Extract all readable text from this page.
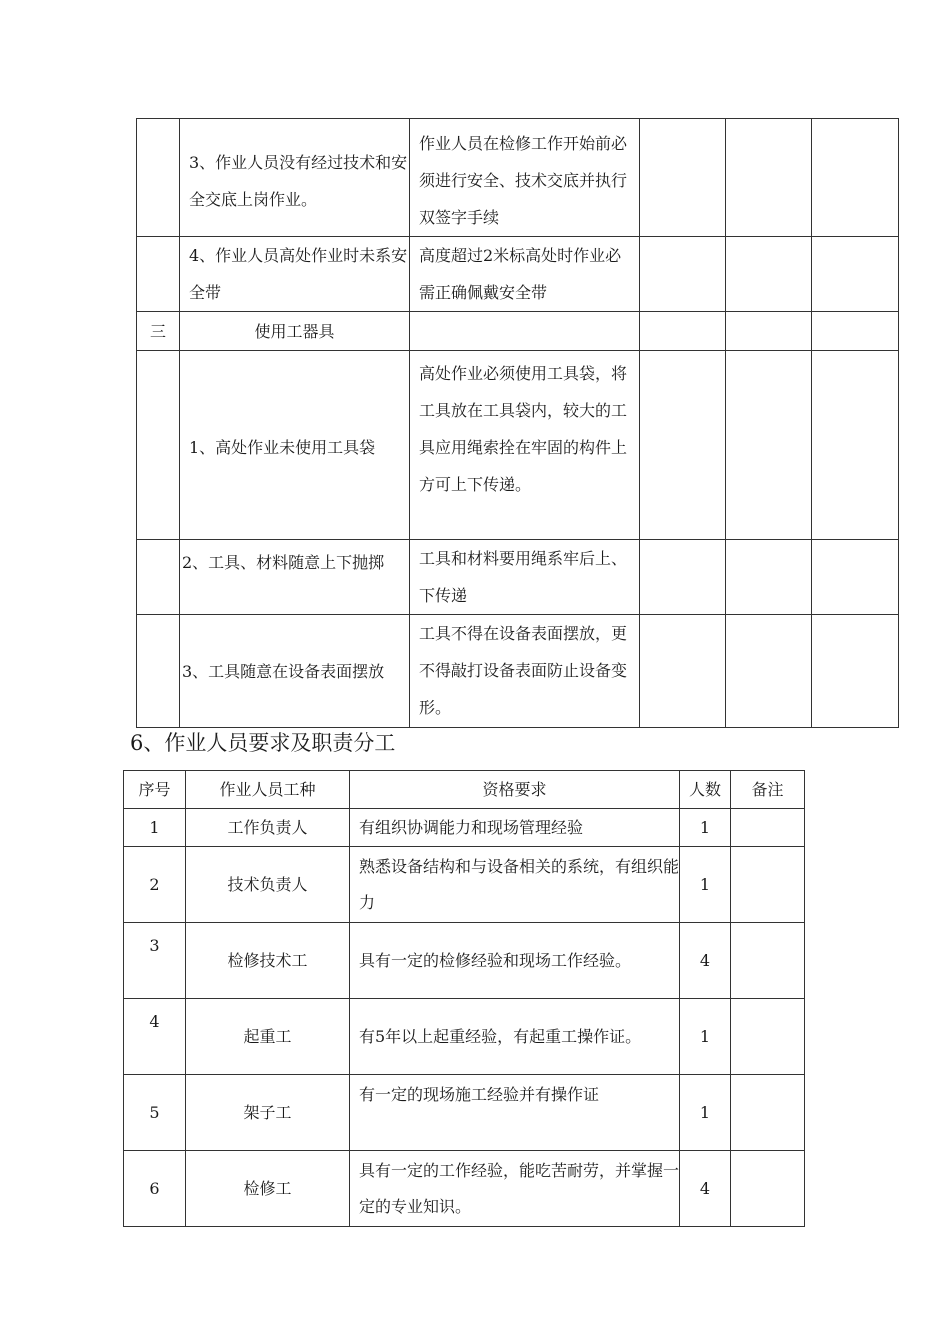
	3、作业人员没有经过技术和安全交底上岗作业。	作业人员在检修工作开始前必须进行安全、技术交底并执行双签字手续			
	4、作业人员高处作业时未系安全带	高度超过2米标高处时作业必需正确佩戴安全带			
三	使用工器具				
	1、高处作业未使用工具袋	高处作业必须使用工具袋，将工具放在工具袋内，较大的工具应用绳索拴在牢固的构件上方可上下传递。			
	2、工具、材料随意上下抛掷	工具和材料要用绳系牢后上、下传递			
	3、工具随意在设备表面摆放	工具不得在设备表面摆放，更不得敲打设备表面防止设备变形。			
6、作业人员要求及职责分工
序号	作业人员工种	资格要求	人数	备注
1	工作负责人	有组织协调能力和现场管理经验	1	
2	技术负责人	熟悉设备结构和与设备相关的系统，有组织能力	1	
3	检修技术工	具有一定的检修经验和现场工作经验。	4	
4	起重工	有5年以上起重经验，有起重工操作证。	1	
5	架子工	有一定的现场施工经验并有操作证	1	
6	检修工	具有一定的工作经验，能吃苦耐劳，并掌握一定的专业知识。	4	
